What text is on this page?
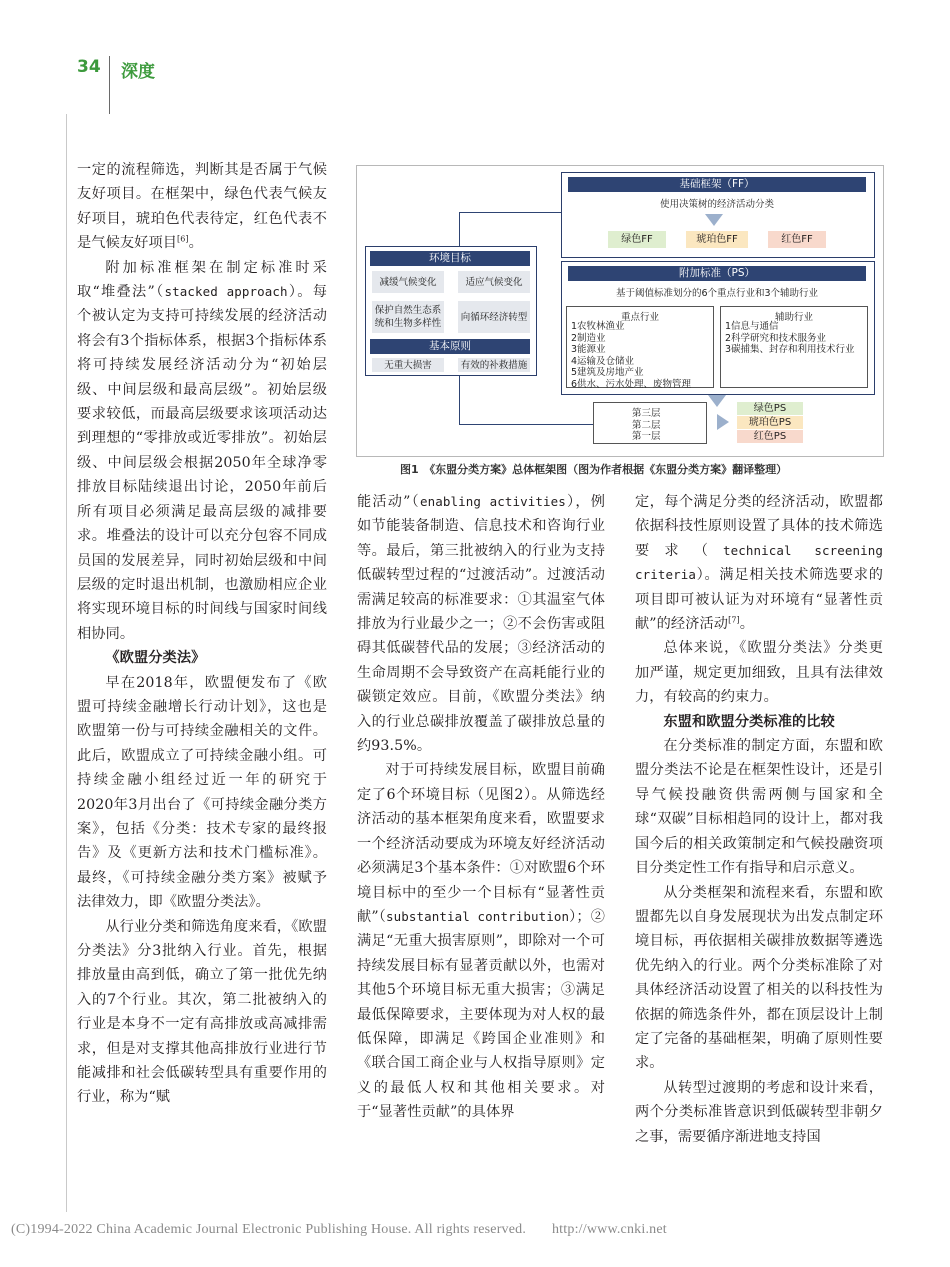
34 深度

一定的流程筛选，判断其是否属于气候友好项目。在框架中，绿色代表气候友好项目，琥珀色代表待定，红色代表不是气候友好项目[6]。

附加标准框架在制定标准时采取“堆叠法”（stacked approach）。每个被认定为支持可持续发展的经济活动将会有3个指标体系，根据3个指标体系将可持续发展经济活动分为“初始层级、中间层级和最高层级”。初始层级要求较低，而最高层级要求该项活动达到理想的“零排放或近零排放”。初始层级、中间层级会根据2050年全球净零排放目标陆续退出讨论，2050年前后所有项目必须满足最高层级的减排要求。堆叠法的设计可以充分包容不同成员国的发展差异，同时初始层级和中间层级的定时退出机制，也激励相应企业将实现环境目标的时间线与国家时间线相协同。

《欧盟分类法》

早在2018年，欧盟便发布了《欧盟可持续金融增长行动计划》，这也是欧盟第一份与可持续金融相关的文件。此后，欧盟成立了可持续金融小组。可持续金融小组经过近一年的研究于2020年3月出台了《可持续金融分类方案》，包括《分类：技术专家的最终报告》及《更新方法和技术门槛标准》。最终，《可持续金融分类方案》被赋予法律效力，即《欧盟分类法》。

从行业分类和筛选角度来看，《欧盟分类法》分3批纳入行业。首先，根据排放量由高到低，确立了第一批优先纳入的7个行业。其次，第二批被纳入的行业是本身不一定有高排放或高减排需求，但是对支撑其他高排放行业进行节能减排和社会低碳转型具有重要作用的行业，称为“赋

基础框架（FF）
使用决策树的经济活动分类
绿色FF	琥珀色FF	红色FF
环境目标
减缓气候变化	适应气候变化
保护自然生态系统和生物多样性
向循环经济转型
基本原则
无重大损害	有效的补救措施
附加标准（PS）
基于阈值标准划分的6个重点行业和3个辅助行业
重点行业
1农牧林渔业
2制造业
3能源业
4运输及仓储业
5建筑及房地产业
6供水、污水处理、废物管理
辅助行业
1信息与通信
2科学研究和技术服务业
3碳捕集、封存和利用技术行业
第三层
第二层
第一层
绿色PS
琥珀色PS
红色PS
图1　《东盟分类方案》总体框架图（图为作者根据《东盟分类方案》翻译整理）

能活动”（enabling activities），例如节能装备制造、信息技术和咨询行业等。最后，第三批被纳入的行业为支持低碳转型过程的“过渡活动”。过渡活动需满足较高的标准要求：①其温室气体排放为行业最少之一；②不会伤害或阻碍其低碳替代品的发展；③经济活动的生命周期不会导致资产在高耗能行业的碳锁定效应。目前，《欧盟分类法》纳入的行业总碳排放覆盖了碳排放总量的约93.5%。

对于可持续发展目标，欧盟目前确定了6个环境目标（见图2）。从筛选经济活动的基本框架角度来看，欧盟要求一个经济活动要成为环境友好经济活动必须满足3个基本条件：①对欧盟6个环境目标中的至少一个目标有“显著性贡献”（substantial contribution）；②满足“无重大损害原则”，即除对一个可持续发展目标有显著贡献以外，也需对其他5个环境目标无重大损害；③满足最低保障要求，主要体现为对人权的最低保障，即满足《跨国企业准则》和《联合国工商企业与人权指导原则》定义的最低人权和其他相关要求。对于“显著性贡献”的具体界

定，每个满足分类的经济活动，欧盟都依据科技性原则设置了具体的技术筛选要求（technical screening criteria）。满足相关技术筛选要求的项目即可被认证为对环境有“显著性贡献”的经济活动[7]。

总体来说，《欧盟分类法》分类更加严谨，规定更加细致，且具有法律效力，有较高的约束力。

东盟和欧盟分类标准的比较

在分类标准的制定方面，东盟和欧盟分类法不论是在框架性设计，还是引导气候投融资供需两侧与国家和全球“双碳”目标相趋同的设计上，都对我国今后的相关政策制定和气候投融资项目分类定性工作有指导和启示意义。

从分类框架和流程来看，东盟和欧盟都先以自身发展现状为出发点制定环境目标，再依据相关碳排放数据等遴选优先纳入的行业。两个分类标准除了对具体经济活动设置了相关的以科技性为依据的筛选条件外，都在顶层设计上制定了完备的基础框架，明确了原则性要求。

从转型过渡期的考虑和设计来看，两个分类标准皆意识到低碳转型非朝夕之事，需要循序渐进地支持国

(C)1994-2022 China Academic Journal Electronic Publishing House. All rights reserved. http://www.cnki.net
